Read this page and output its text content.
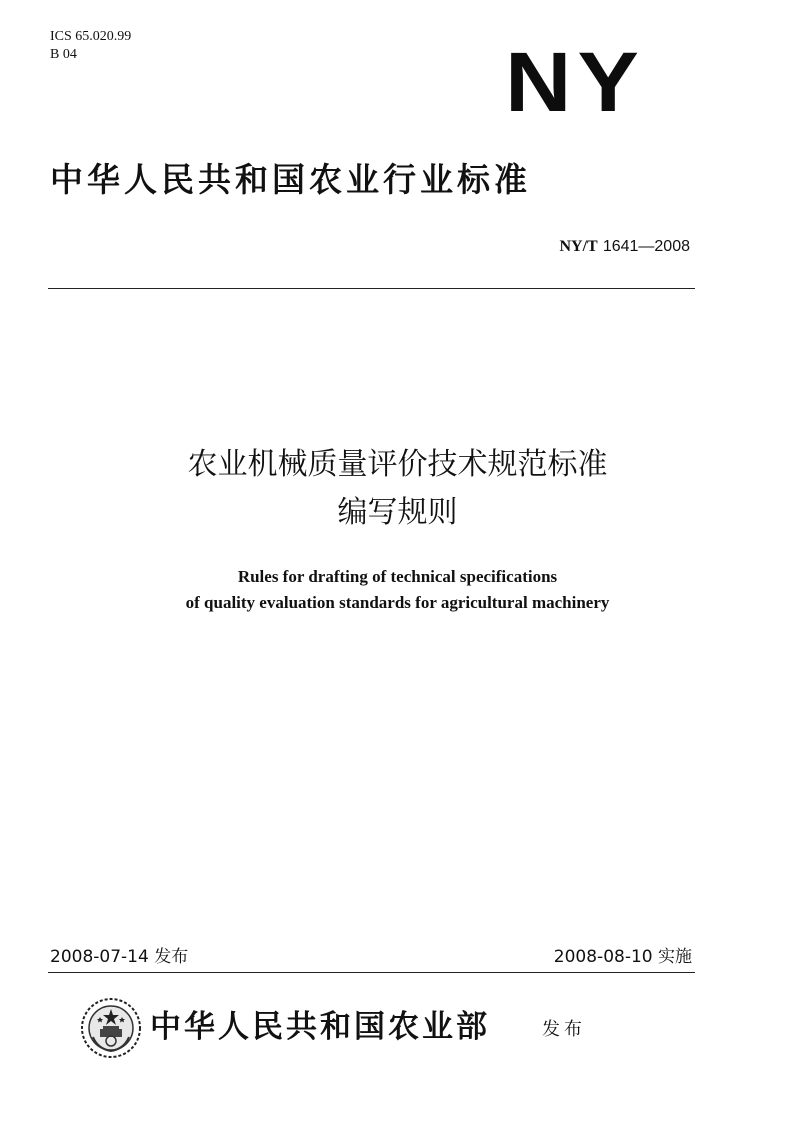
ICS 65.020.99
B 04	NY
中华人民共和国农业行业标准
NY/T 1641—2008
农业机械质量评价技术规范标准
编写规则
Rules for drafting of technical specifications
of quality evaluation standards for agricultural machinery
2008-07-14 发布	2008-08-10 实施
中华人民共和国农业部	发布
